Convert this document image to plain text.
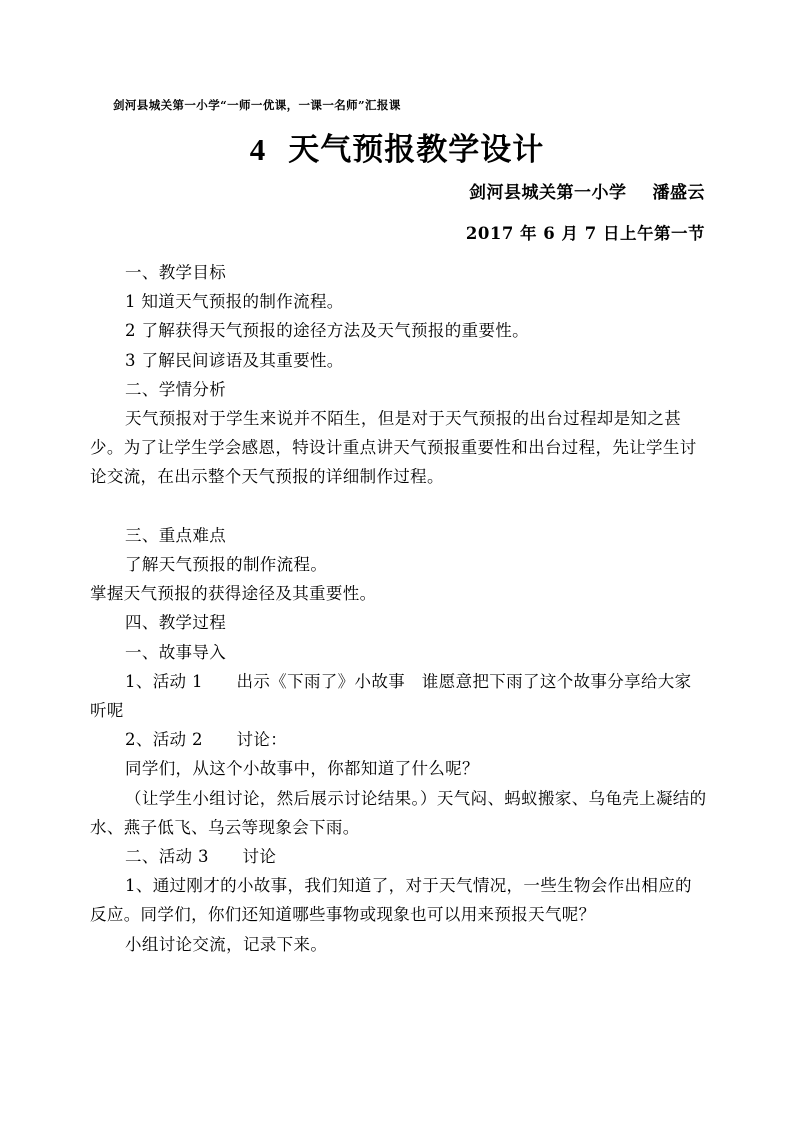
剑河县城关第一小学“一师一优课，一课一名师”汇报课
4 天气预报教学设计
剑河县城关第一小学 潘盛云
2017 年 6 月 7 日上午第一节
一、教学目标
1 知道天气预报的制作流程。
2 了解获得天气预报的途径方法及天气预报的重要性。
3 了解民间谚语及其重要性。
二、学情分析
天气预报对于学生来说并不陌生，但是对于天气预报的出台过程却是知之甚少。为了让学生学会感恩，特设计重点讲天气预报重要性和出台过程，先让学生讨论交流，在出示整个天气预报的详细制作过程。
三、重点难点
了解天气预报的制作流程。
掌握天气预报的获得途径及其重要性。
四、教学过程
一、故事导入
1、活动 1　　出示《下雨了》小故事　谁愿意把下雨了这个故事分享给大家听呢
2、活动 2　　讨论：
同学们，从这个小故事中，你都知道了什么呢？
（让学生小组讨论，然后展示讨论结果。）天气闷、蚂蚁搬家、乌龟壳上凝结的水、燕子低飞、乌云等现象会下雨。
二、活动 3　　讨论
1、通过刚才的小故事，我们知道了，对于天气情况，一些生物会作出相应的反应。同学们，你们还知道哪些事物或现象也可以用来预报天气呢？
小组讨论交流，记录下来。
